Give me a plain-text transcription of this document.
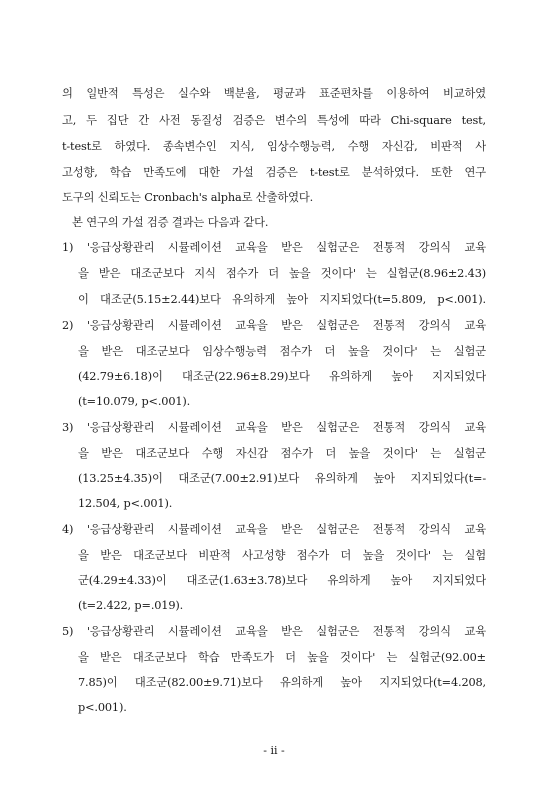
의 일반적 특성은 실수와 백분율, 평균과 표준편차를 이용하여 비교하였
고, 두 집단 간 사전 동질성 검증은 변수의 특성에 따라 Chi-square test,
t-test로 하였다. 종속변수인 지식, 임상수행능력, 수행 자신감, 비판적 사
고성향, 학습 만족도에 대한 가설 검증은 t-test로 분석하였다. 또한 연구
도구의 신뢰도는 Cronbach's alpha로 산출하였다.
본 연구의 가설 검증 결과는 다음과 같다.
1) '응급상황관리 시뮬레이션 교육을 받은 실험군은 전통적 강의식 교육
을 받은 대조군보다 지식 점수가 더 높을 것이다' 는 실험군(8.96±2.43)
이 대조군(5.15±2.44)보다 유의하게 높아 지지되었다(t=5.809, p<.001).
2) '응급상황관리 시뮬레이션 교육을 받은 실험군은 전통적 강의식 교육
을 받은 대조군보다 임상수행능력 점수가 더 높을 것이다' 는 실험군
(42.79±6.18)이 대조군(22.96±8.29)보다 유의하게 높아 지지되었다
(t=10.079, p<.001).
3) '응급상황관리 시뮬레이션 교육을 받은 실험군은 전통적 강의식 교육
을 받은 대조군보다 수행 자신감 점수가 더 높을 것이다' 는 실험군
(13.25±4.35)이 대조군(7.00±2.91)보다 유의하게 높아 지지되었다(t=-
12.504, p<.001).
4) '응급상황관리 시뮬레이션 교육을 받은 실험군은 전통적 강의식 교육
을 받은 대조군보다 비판적 사고성향 점수가 더 높을 것이다' 는 실험
군(4.29±4.33)이 대조군(1.63±3.78)보다 유의하게 높아 지지되었다
(t=2.422, p=.019).
5) '응급상황관리 시뮬레이션 교육을 받은 실험군은 전통적 강의식 교육
을 받은 대조군보다 학습 만족도가 더 높을 것이다' 는 실험군(92.00±
7.85)이 대조군(82.00±9.71)보다 유의하게 높아 지지되었다(t=4.208,
p<.001).
- ii -
